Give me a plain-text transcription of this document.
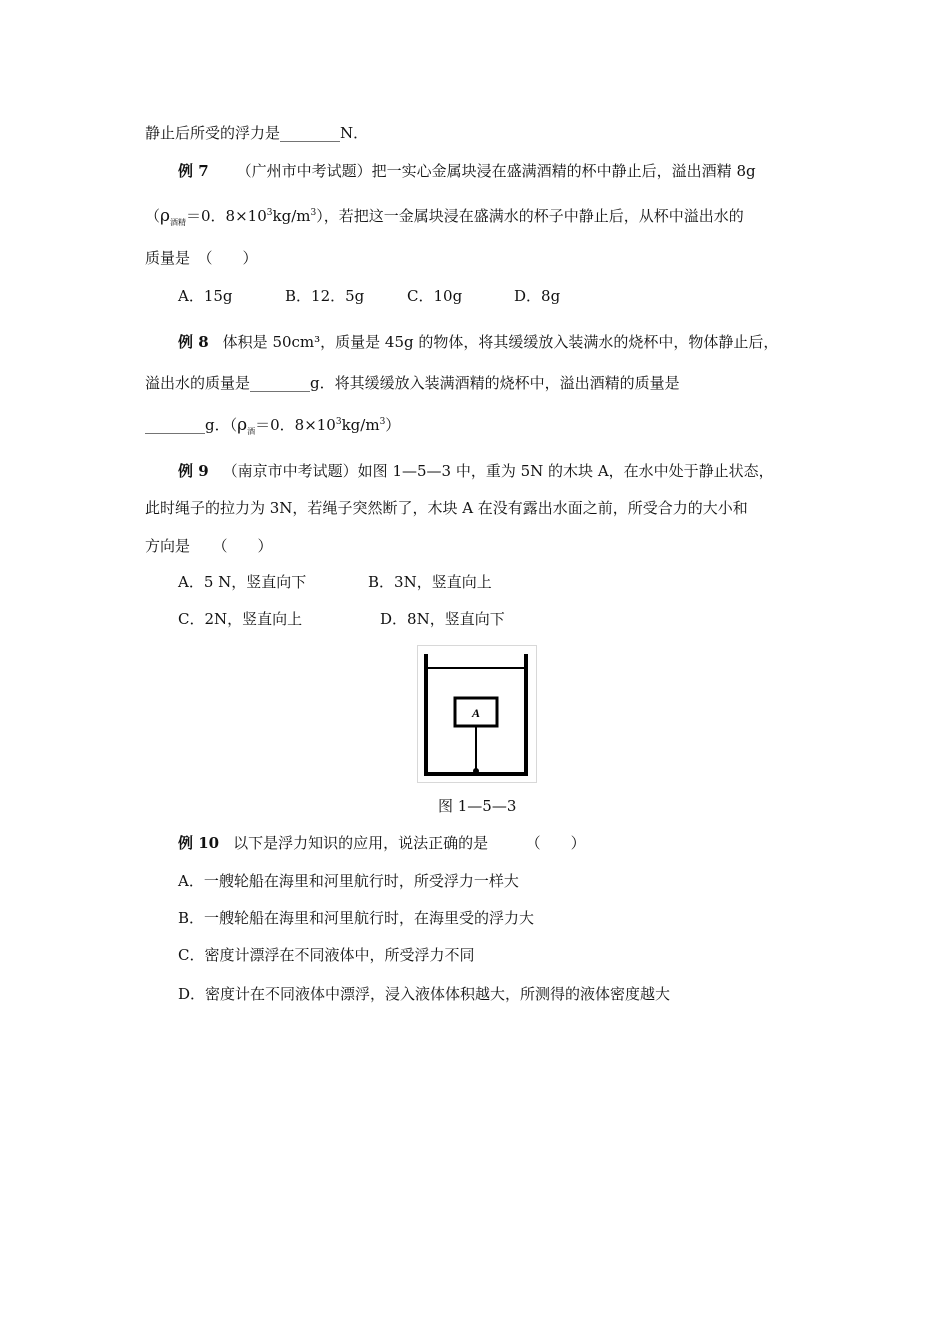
静止后所受的浮力是________N．
例 7 （广州市中考试题）把一实心金属块浸在盛满酒精的杯中静止后，溢出酒精 8g
（$\rho_{酒精}=0$．$8\times 10^3kg/m^3$），若把这一金属块浸在盛满水的杯子中静止后，从杯中溢出水的
质量是　（　　）
A．15g	B．12．5g	C．10g	D．8g
例 8 体积是 50cm³，质量是 45g 的物体，将其缓缓放入装满水的烧杯中，物体静止后，
溢出水的质量是________g．将其缓缓放入装满酒精的烧杯中，溢出酒精的质量是
________g．（$\rho_酒=0$．$8\times 10^3kg/m^3$）
例 9 （南京市中考试题）如图 1—5—3 中，重为 5N 的木块 A，在水中处于静止状态，
此时绳子的拉力为 3N，若绳子突然断了，木块 A 在没有露出水面之前，所受合力的大小和
方向是　　（　　）
A．5 N，竖直向下	B．3N，竖直向上
C．2N，竖直向上	D．8N，竖直向下
A
图 1—5—3
例 10 以下是浮力知识的应用，说法正确的是　　　（　　）
A．一艘轮船在海里和河里航行时，所受浮力一样大
B．一艘轮船在海里和河里航行时，在海里受的浮力大
C．密度计漂浮在不同液体中，所受浮力不同
D．密度计在不同液体中漂浮，浸入液体体积越大，所测得的液体密度越大
